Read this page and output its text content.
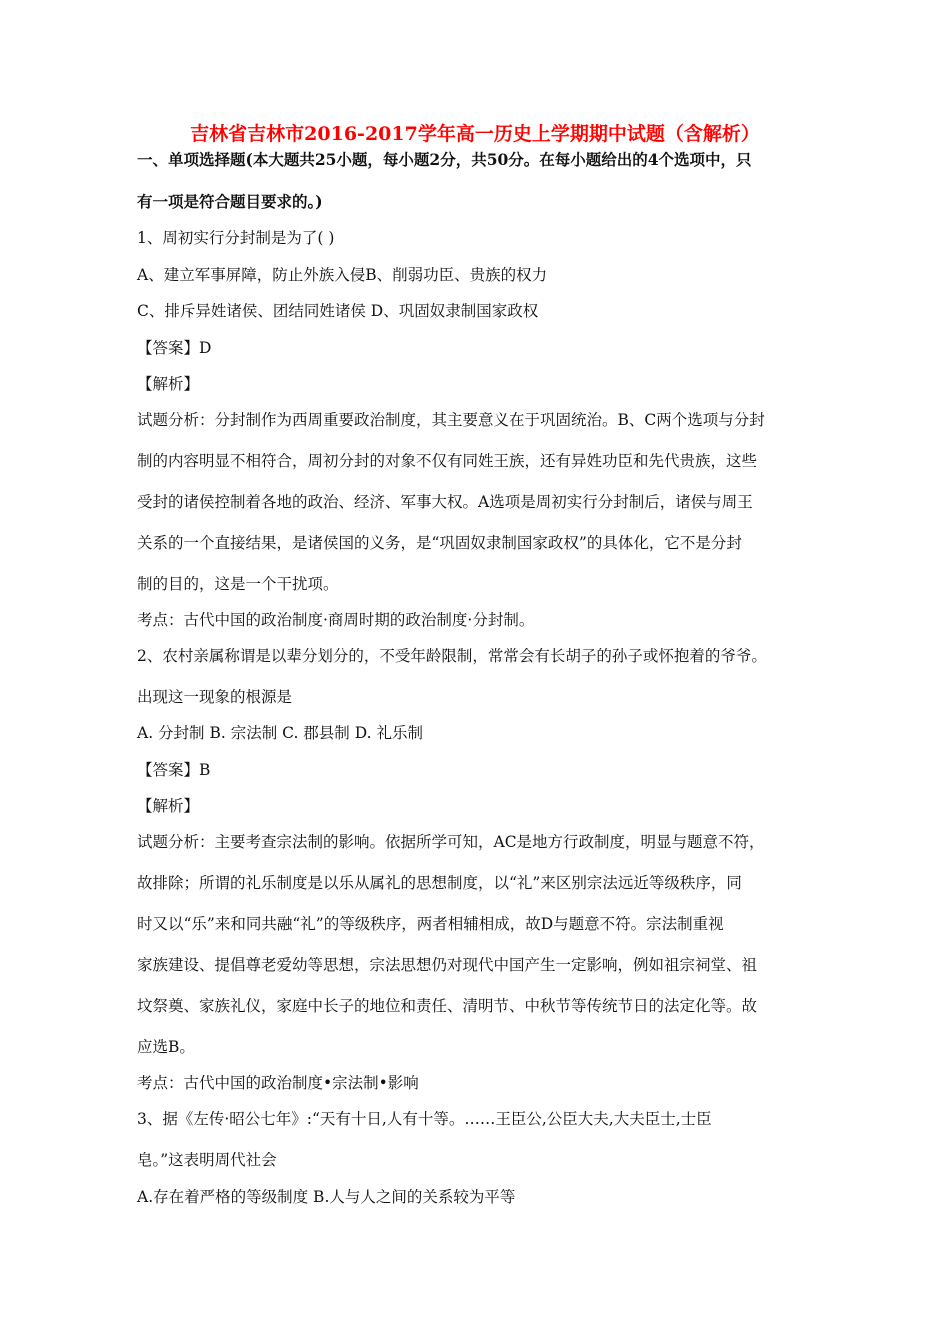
吉林省吉林市2016-2017学年高一历史上学期期中试题（含解析）
一、单项选择题(本大题共25小题，每小题2分，共50分。在每小题给出的4个选项中，只
有一项是符合题目要求的。)
1、周初实行分封制是为了( )
A、建立军事屏障，防止外族入侵B、削弱功臣、贵族的权力
C、排斥异姓诸侯、团结同姓诸侯 D、巩固奴隶制国家政权
【答案】D
【解析】
试题分析：分封制作为西周重要政治制度，其主要意义在于巩固统治。B、C两个选项与分封
制的内容明显不相符合，周初分封的对象不仅有同姓王族，还有异姓功臣和先代贵族，这些
受封的诸侯控制着各地的政治、经济、军事大权。A选项是周初实行分封制后，诸侯与周王
关系的一个直接结果，是诸侯国的义务，是“巩固奴隶制国家政权”的具体化，它不是分封
制的目的，这是一个干扰项。
考点：古代中国的政治制度·商周时期的政治制度·分封制。
2、农村亲属称谓是以辈分划分的，不受年龄限制，常常会有长胡子的孙子或怀抱着的爷爷。
出现这一现象的根源是
A. 分封制 B. 宗法制 C. 郡县制 D. 礼乐制
【答案】B
【解析】
试题分析：主要考查宗法制的影响。依据所学可知，AC是地方行政制度，明显与题意不符，
故排除；所谓的礼乐制度是以乐从属礼的思想制度，以“礼”来区别宗法远近等级秩序，同
时又以“乐”来和同共融“礼”的等级秩序，两者相辅相成，故D与题意不符。宗法制重视
家族建设、提倡尊老爱幼等思想，宗法思想仍对现代中国产生一定影响，例如祖宗祠堂、祖
坟祭奠、家族礼仪，家庭中长子的地位和责任、清明节、中秋节等传统节日的法定化等。故
应选B。
考点：古代中国的政治制度•宗法制•影响
3、据《左传·昭公七年》:“天有十日,人有十等。……王臣公,公臣大夫,大夫臣士,士臣
皂。”这表明周代社会
A.存在着严格的等级制度 B.人与人之间的关系较为平等
